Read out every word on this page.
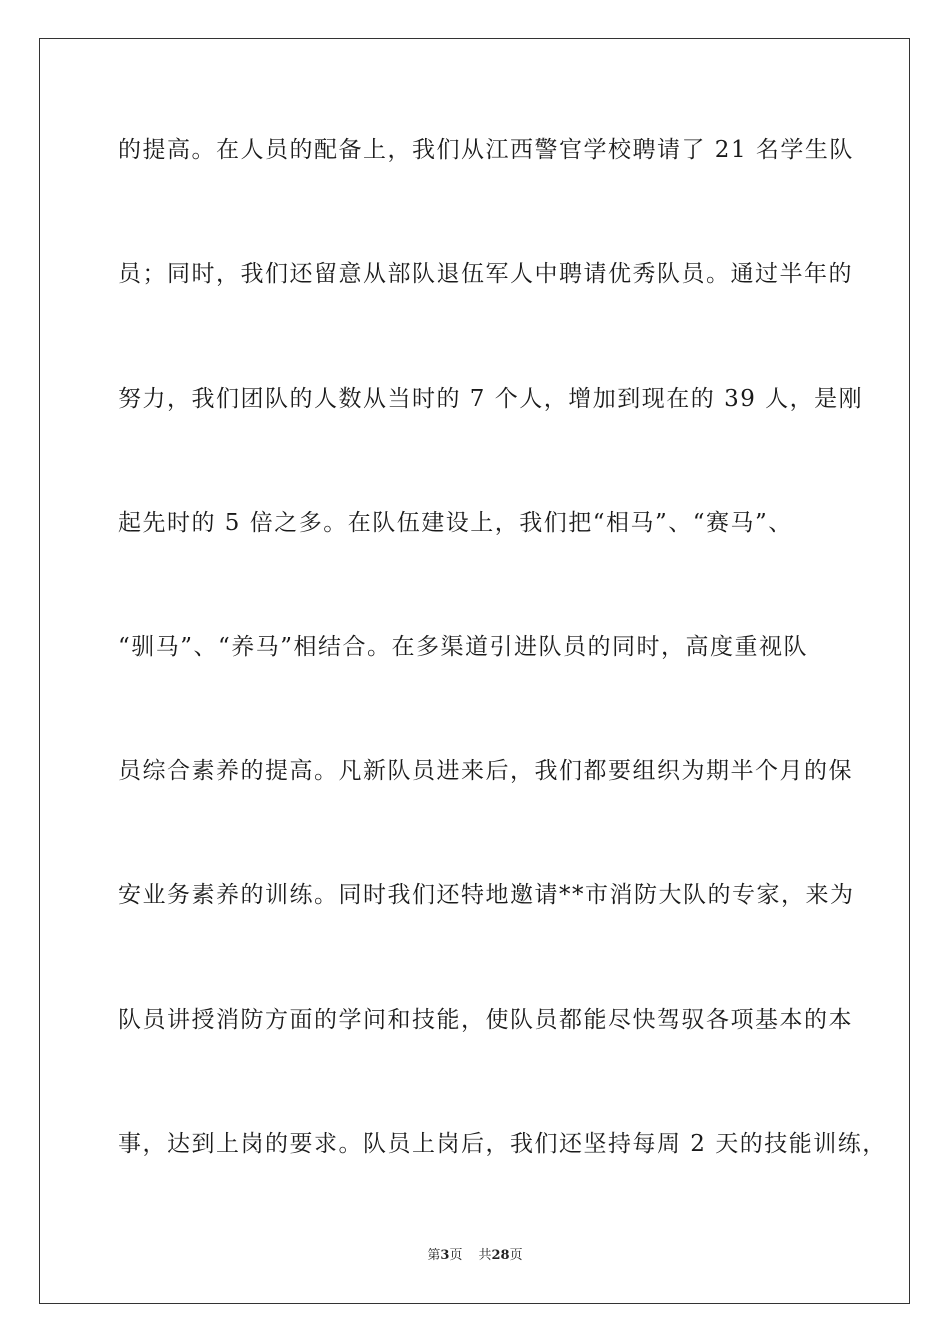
的提高。在人员的配备上，我们从江西警官学校聘请了 21 名学生队
员；同时，我们还留意从部队退伍军人中聘请优秀队员。通过半年的
努力，我们团队的人数从当时的 7 个人，增加到现在的 39 人，是刚
起先时的 5 倍之多。在队伍建设上，我们把“相马”、“赛马”、
“驯马”、“养马”相结合。在多渠道引进队员的同时，高度重视队
员综合素养的提高。凡新队员进来后，我们都要组织为期半个月的保
安业务素养的训练。同时我们还特地邀请**市消防大队的专家，来为
队员讲授消防方面的学问和技能，使队员都能尽快驾驭各项基本的本
事，达到上岗的要求。队员上岗后，我们还坚持每周 2 天的技能训练，
第3页 共28页
